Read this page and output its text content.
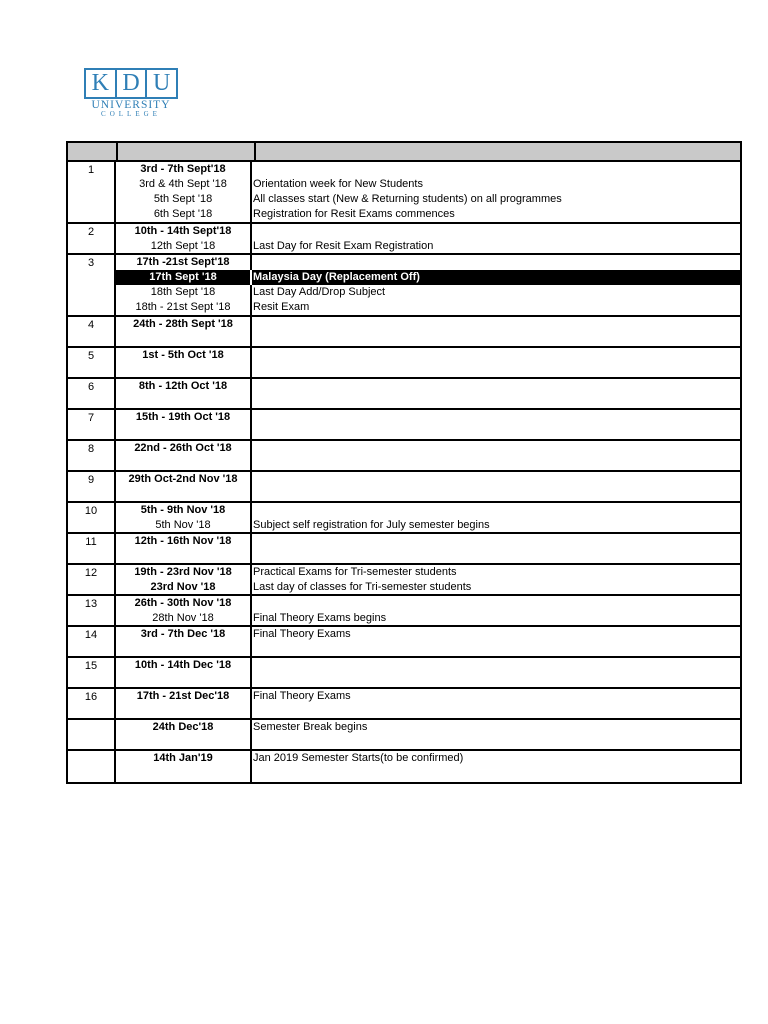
K D U
UNIVERSITY
COLLEGE
1	3rd - 7th Sept'18
3rd & 4th Sept '18	Orientation week for New Students
5th Sept '18	All classes start (New & Returning students) on all programmes
6th Sept '18	Registration for Resit Exams commences
2	10th - 14th Sept'18
12th Sept '18	Last Day for Resit Exam Registration
3	17th -21st Sept'18
17th Sept '18	Malaysia Day (Replacement Off)
18th Sept '18	Last Day Add/Drop Subject
18th - 21st Sept '18	Resit Exam
4	24th - 28th Sept '18
5	1st - 5th Oct '18
6	8th - 12th Oct '18
7	15th - 19th Oct '18
8	22nd - 26th Oct '18
9	29th Oct-2nd Nov '18
10	5th - 9th Nov '18
5th Nov '18	Subject self registration for July semester begins
11	12th - 16th Nov '18
12	19th - 23rd Nov '18	Practical Exams for Tri-semester students
23rd Nov '18	Last day of classes for Tri-semester students
13	26th - 30th Nov '18
28th Nov '18	Final Theory Exams begins
14	3rd - 7th Dec '18	Final Theory Exams
15	10th - 14th Dec '18
16	17th - 21st Dec'18	Final Theory Exams
24th Dec'18	Semester Break begins
14th Jan'19	Jan 2019 Semester Starts(to be confirmed)
